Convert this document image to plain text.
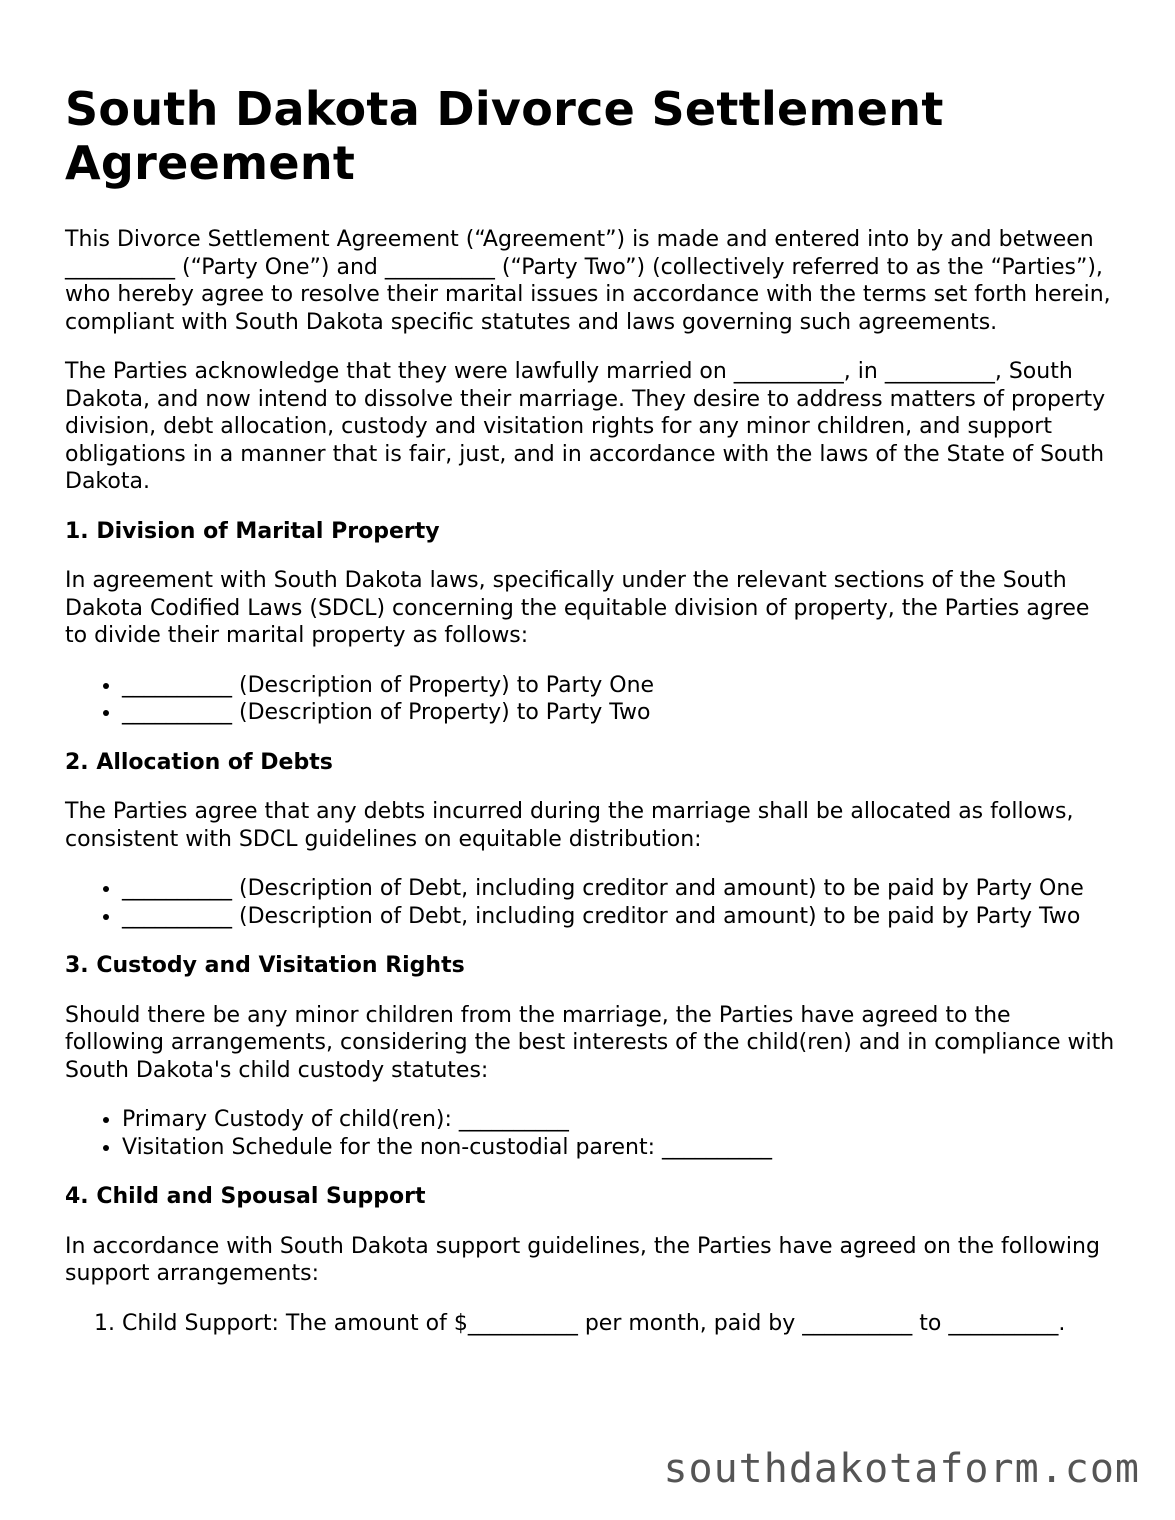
South Dakota Divorce Settlement Agreement

This Divorce Settlement Agreement (“Agreement”) is made and entered into by and between __________ (“Party One”) and __________ (“Party Two”) (collectively referred to as the “Parties”), who hereby agree to resolve their marital issues in accordance with the terms set forth herein, compliant with South Dakota specific statutes and laws governing such agreements.

The Parties acknowledge that they were lawfully married on __________, in __________, South Dakota, and now intend to dissolve their marriage. They desire to address matters of property division, debt allocation, custody and visitation rights for any minor children, and support obligations in a manner that is fair, just, and in accordance with the laws of the State of South Dakota.

1. Division of Marital Property

In agreement with South Dakota laws, specifically under the relevant sections of the South Dakota Codified Laws (SDCL) concerning the equitable division of property, the Parties agree to divide their marital property as follows:

• __________ (Description of Property) to Party One
• __________ (Description of Property) to Party Two
2. Allocation of Debts

The Parties agree that any debts incurred during the marriage shall be allocated as follows, consistent with SDCL guidelines on equitable distribution:

• __________ (Description of Debt, including creditor and amount) to be paid by Party One
• __________ (Description of Debt, including creditor and amount) to be paid by Party Two
3. Custody and Visitation Rights

Should there be any minor children from the marriage, the Parties have agreed to the following arrangements, considering the best interests of the child(ren) and in compliance with South Dakota's child custody statutes:

• Primary Custody of child(ren): __________
• Visitation Schedule for the non-custodial parent: __________
4. Child and Spousal Support

In accordance with South Dakota support guidelines, the Parties have agreed on the following support arrangements:

1. Child Support: The amount of $__________ per month, paid by __________ to __________.
southdakotaform.com
